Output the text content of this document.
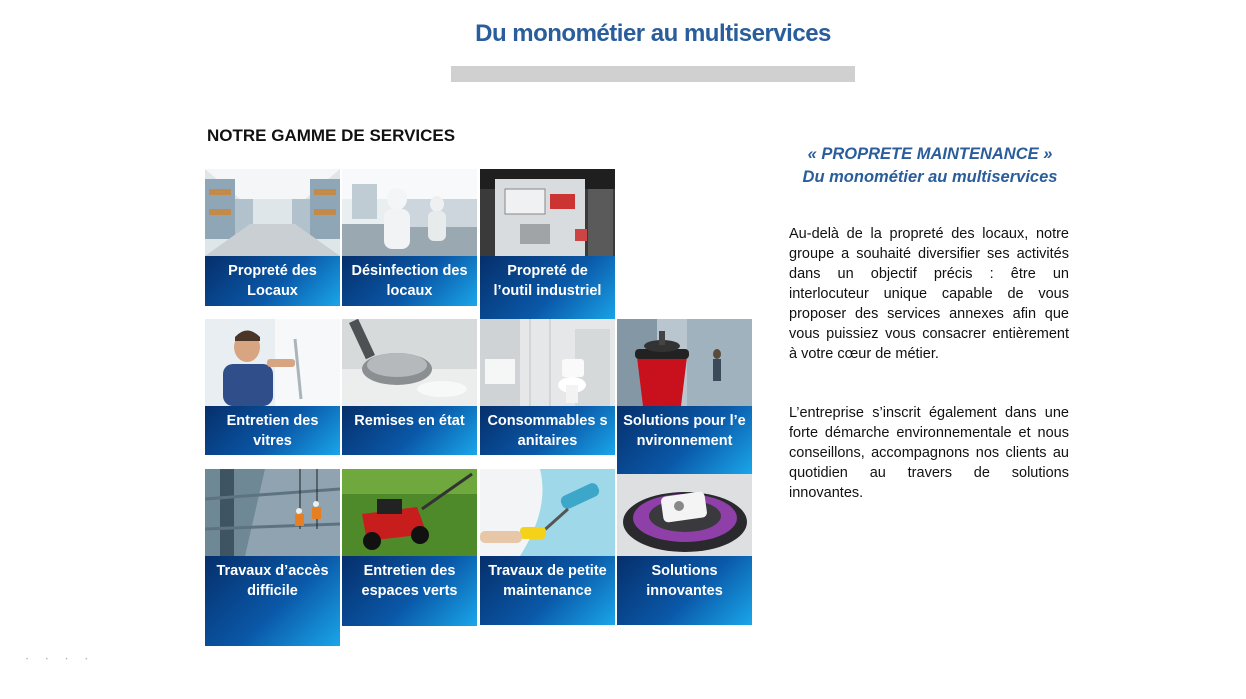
Du monométier au multiservices
NOTRE GAMME DE SERVICES
Propreté des Locaux
Désinfection des locaux
Propreté de l’outil industriel
Entretien des vitres
Remises en état	Consommables sanitaires
Solutions pour l’environnement
Travaux d’accès difficile
Entretien des espaces verts
Travaux de petite maintenance
Solutions innovantes
« PROPRETE MAINTENANCE »
Du monométier au multiservices
Au-delà de la propreté des locaux, notre groupe a souhaité diversifier ses activités dans un objectif précis : être un interlocuteur unique capable de vous proposer des services annexes afin que vous puissiez vous consacrer entièrement à votre cœur de métier.
L’entreprise s’inscrit également dans une forte démarche environnementale et nous conseillons, accompagnons nos clients au quotidien au travers de solutions innovantes.
• • • •
